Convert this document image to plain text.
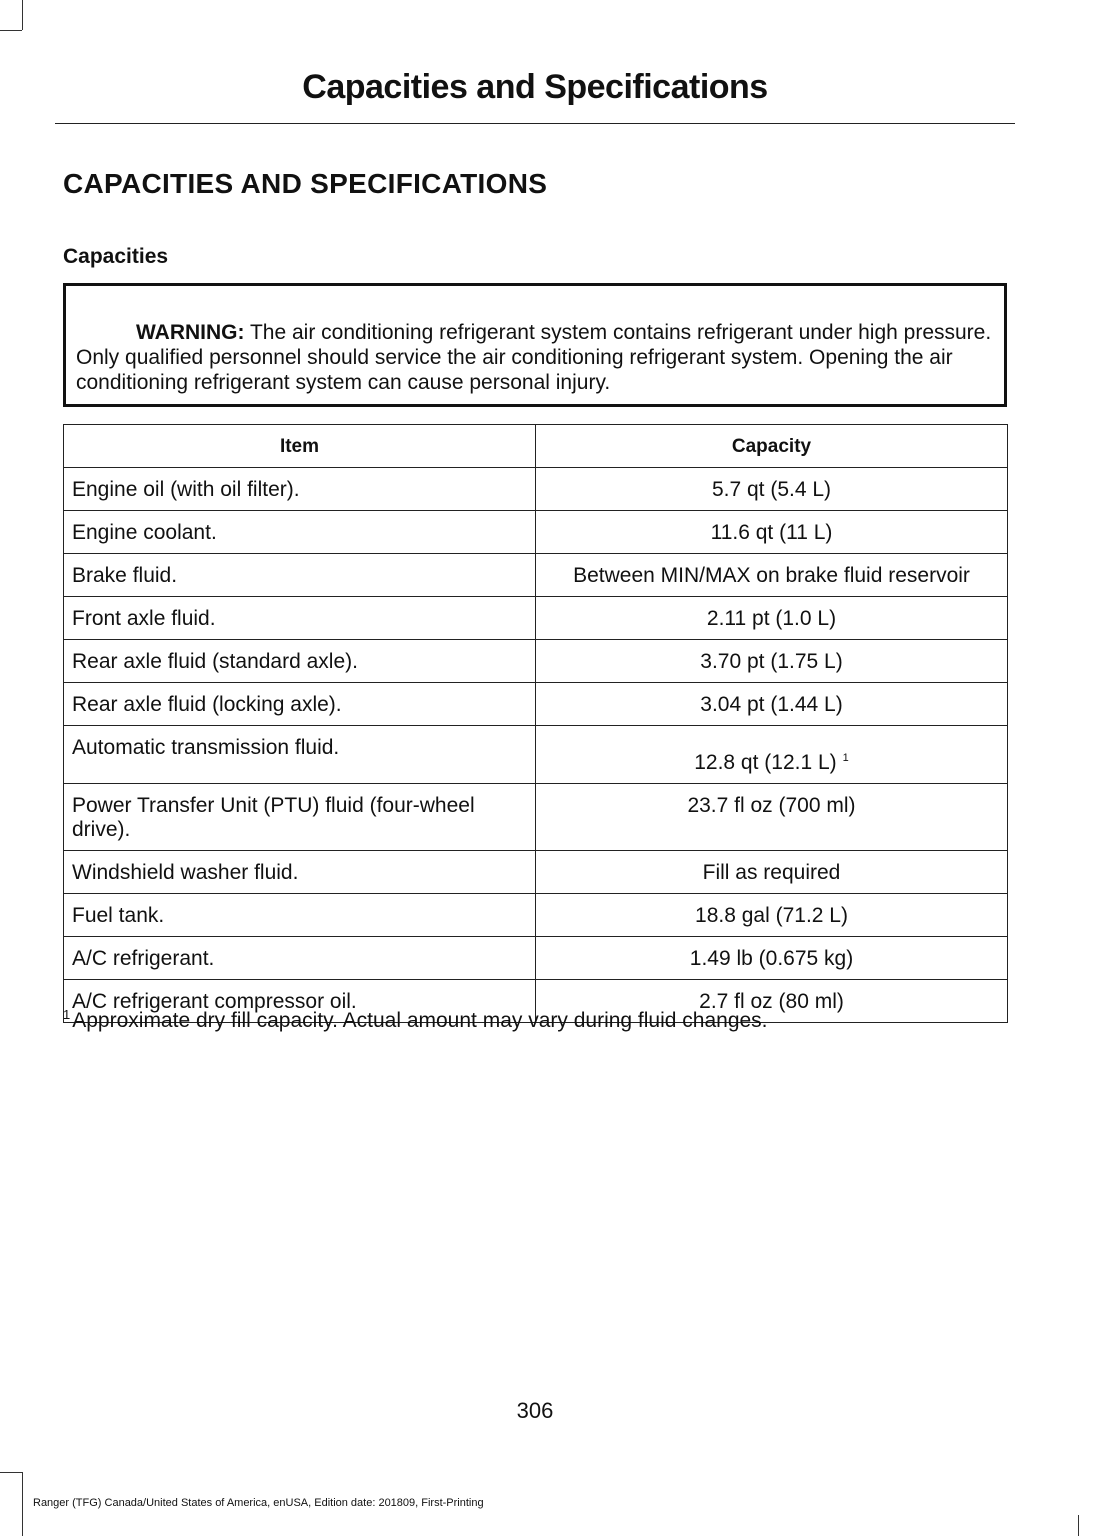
Capacities and Specifications
CAPACITIES AND SPECIFICATIONS
Capacities
WARNING: The air conditioning refrigerant system contains refrigerant under high pressure. Only qualified personnel should service the air conditioning refrigerant system. Opening the air conditioning refrigerant system can cause personal injury.
Item	Capacity
Engine oil (with oil filter).	5.7 qt (5.4 L)
Engine coolant.	11.6 qt (11 L)
Brake fluid.	Between MIN/MAX on brake fluid reservoir
Front axle fluid.	2.11 pt (1.0 L)
Rear axle fluid (standard axle).	3.70 pt (1.75 L)
Rear axle fluid (locking axle).	3.04 pt (1.44 L)
Automatic transmission fluid.	12.8 qt (12.1 L) $^1$
Power Transfer Unit (PTU) fluid (four-wheel drive).	23.7 fl oz (700 ml)
Windshield washer fluid.	Fill as required
Fuel tank.	18.8 gal (71.2 L)
A/C refrigerant.	1.49 lb (0.675 kg)
A/C refrigerant compressor oil.	2.7 fl oz (80 ml)
$^1$Approximate dry fill capacity. Actual amount may vary during fluid changes.
306
Ranger (TFG) Canada/United States of America, enUSA, Edition date: 201809, First-Printing
